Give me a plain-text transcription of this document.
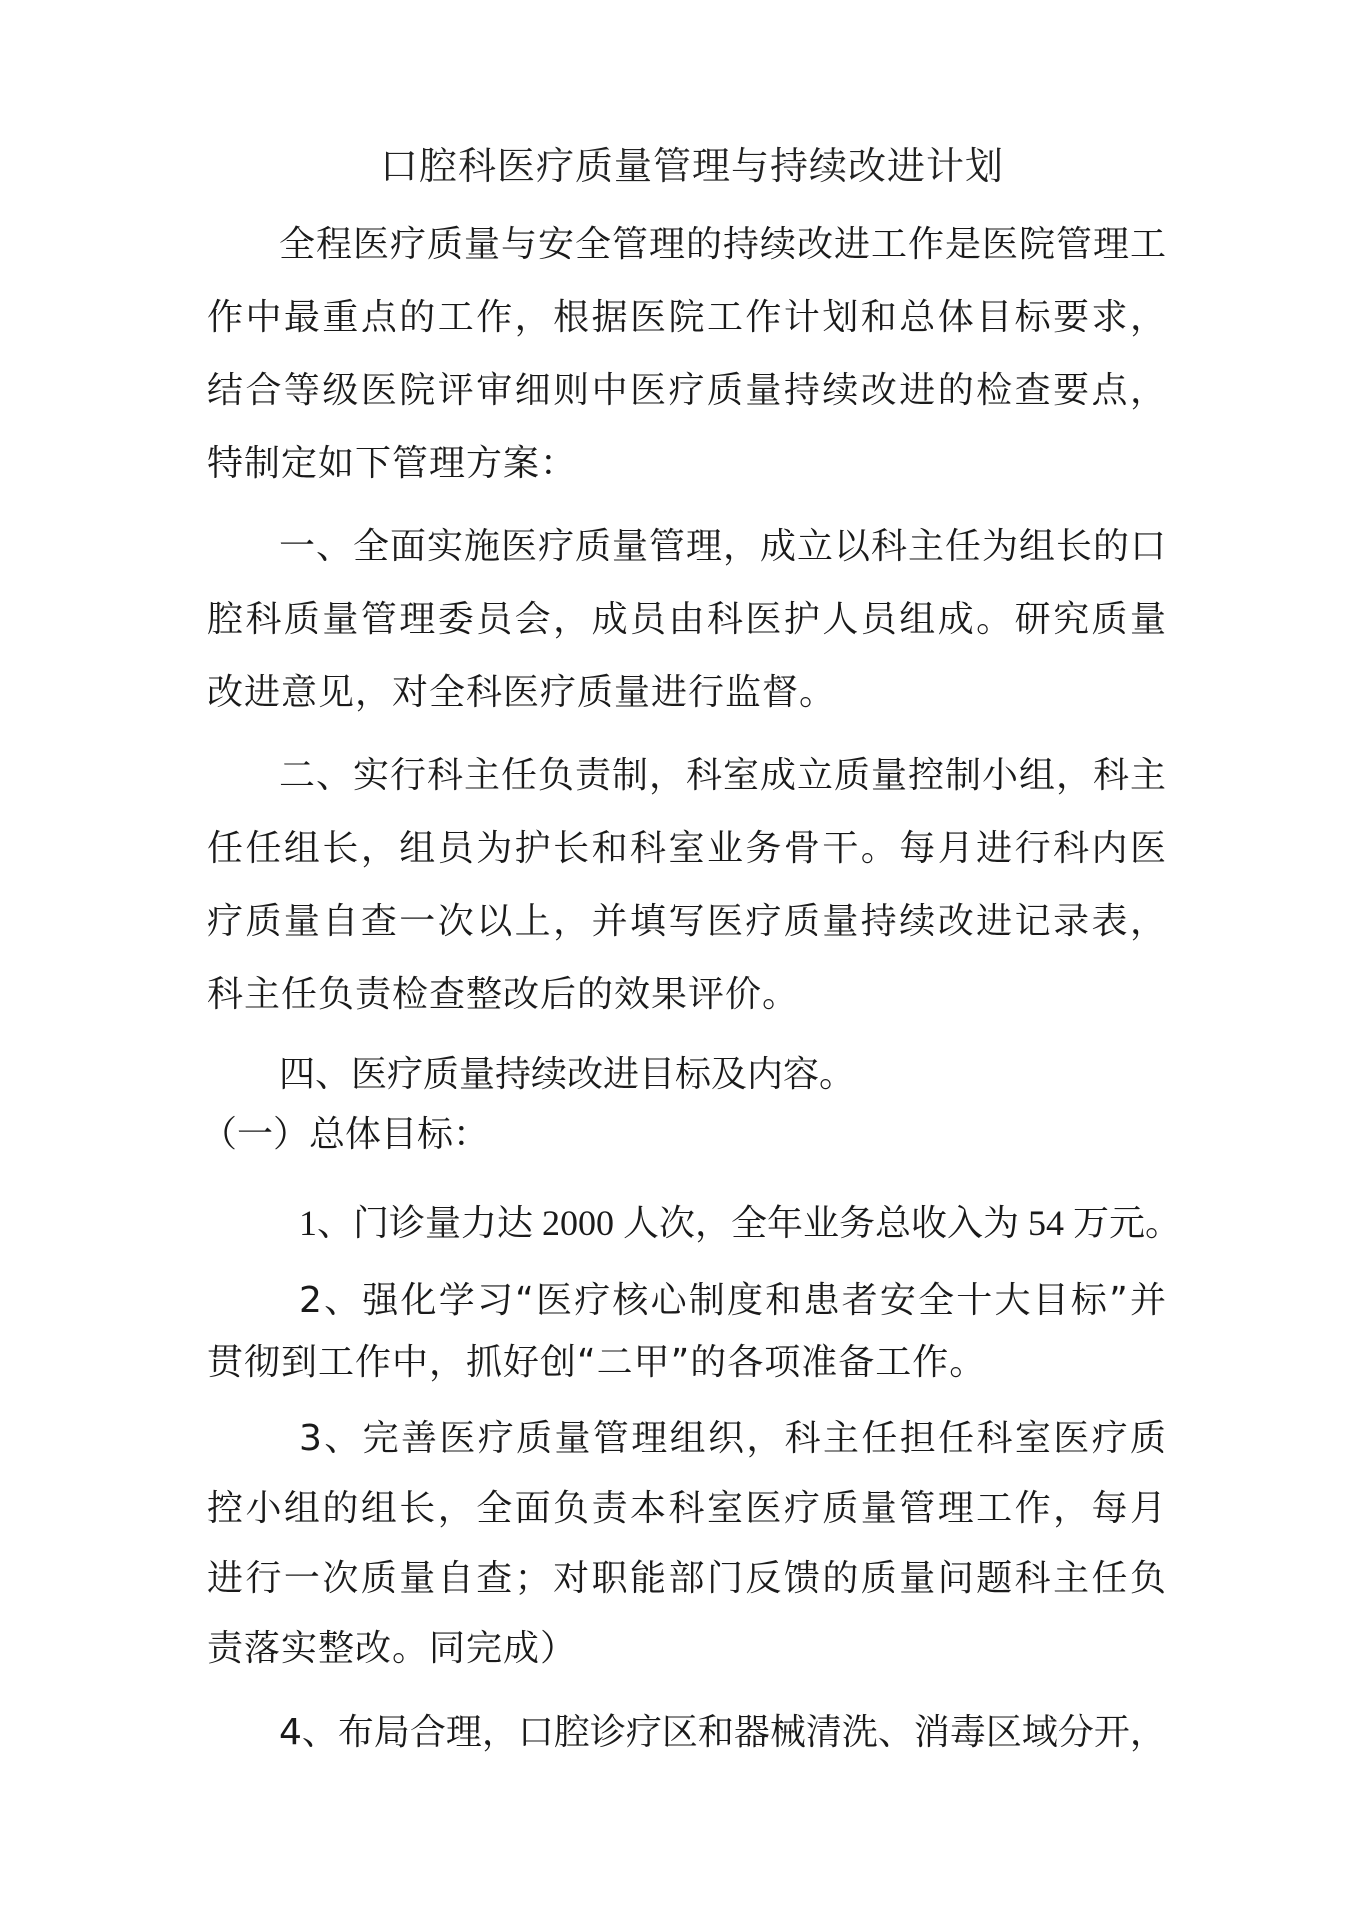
口腔科医疗质量管理与持续改进计划

全程医疗质量与安全管理的持续改进工作是医院管理工作中最重点的工作，根据医院工作计划和总体目标要求，结合等级医院评审细则中医疗质量持续改进的检查要点，特制定如下管理方案：

一、全面实施医疗质量管理，成立以科主任为组长的口腔科质量管理委员会，成员由科医护人员组成。研究质量改进意见，对全科医疗质量进行监督。

二、实行科主任负责制，科室成立质量控制小组，科主任任组长，组员为护长和科室业务骨干。每月进行科内医疗质量自查一次以上，并填写医疗质量持续改进记录表，科主任负责检查整改后的效果评价。

四、医疗质量持续改进目标及内容。

（一）总体目标：

1、门诊量力达 2000 人次，全年业务总收入为 54 万元。

2、强化学习“医疗核心制度和患者安全十大目标”并贯彻到工作中，抓好创“二甲”的各项准备工作。

3、完善医疗质量管理组织，科主任担任科室医疗质控小组的组长，全面负责本科室医疗质量管理工作，每月进行一次质量自查；对职能部门反馈的质量问题科主任负责落实整改。同完成）

4、布局合理，口腔诊疗区和器械清洗、消毒区域分开，
